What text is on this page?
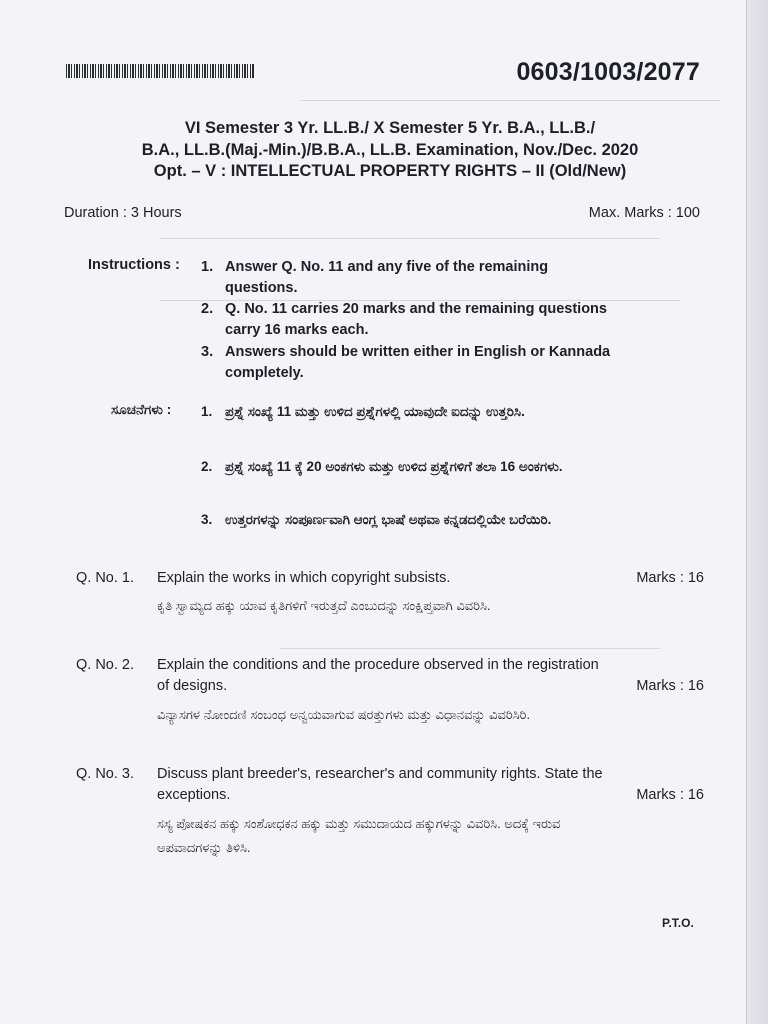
0603/1003/2077
VI Semester 3 Yr. LL.B./ X Semester 5 Yr. B.A., LL.B./
B.A., LL.B.(Maj.-Min.)/B.B.A., LL.B. Examination, Nov./Dec. 2020
Opt. – V : INTELLECTUAL PROPERTY RIGHTS – II (Old/New)
Duration : 3 Hours	Max. Marks : 100
Instructions : 1. Answer Q. No. 11 and any five of the remaining questions.
2. Q. No. 11 carries 20 marks and the remaining questions carry 16 marks each.
3. Answers should be written either in English or Kannada completely.
ಸೂಚನೆಗಳು : 1. ಪ್ರಶ್ನೆ ಸಂಖ್ಯೆ 11 ಮತ್ತು ಉಳಿದ ಪ್ರಶ್ನೆಗಳಲ್ಲಿ ಯಾವುದೇ ಐದನ್ನು ಉತ್ತರಿಸಿ.
2. ಪ್ರಶ್ನೆ ಸಂಖ್ಯೆ 11 ಕ್ಕೆ 20 ಅಂಕಗಳು ಮತ್ತು ಉಳಿದ ಪ್ರಶ್ನೆಗಳಿಗೆ ತಲಾ 16 ಅಂಕಗಳು.
3. ಉತ್ತರಗಳನ್ನು ಸಂಪೂರ್ಣವಾಗಿ ಆಂಗ್ಲ ಭಾಷೆ ಅಥವಾ ಕನ್ನಡದಲ್ಲಿಯೇ ಬರೆಯಿರಿ.
Q. No. 1. Explain the works in which copyright subsists.	Marks : 16
ಕೃತಿ ಸ್ವಾಮ್ಯದ ಹಕ್ಕು ಯಾವ ಕೃತಿಗಳಿಗೆ ಇರುತ್ತದೆ ಎಂಬುದನ್ನು ಸಂಕ್ಷಿಪ್ತವಾಗಿ ವಿವರಿಸಿ.
Q. No. 2. Explain the conditions and the procedure observed in the registration of designs.	Marks : 16
ವಿನ್ಯಾಸಗಳ ನೋಂದಣಿ ಸಂಬಂಧ ಅನ್ವಯವಾಗುವ ಷರತ್ತುಗಳು ಮತ್ತು ವಿಧಾನವನ್ನು ವಿವರಿಸಿರಿ.
Q. No. 3. Discuss plant breeder's, researcher's and community rights. State the exceptions.	Marks : 16
ಸಸ್ಯ ಪೋಷಕನ ಹಕ್ಕು ಸಂಶೋಧಕನ ಹಕ್ಕು ಮತ್ತು ಸಮುದಾಯದ ಹಕ್ಕುಗಳನ್ನು ವಿವರಿಸಿ. ಅದಕ್ಕೆ ಇರುವ ಅಪವಾದಗಳನ್ನು ತಿಳಿಸಿ.
P.T.O.
